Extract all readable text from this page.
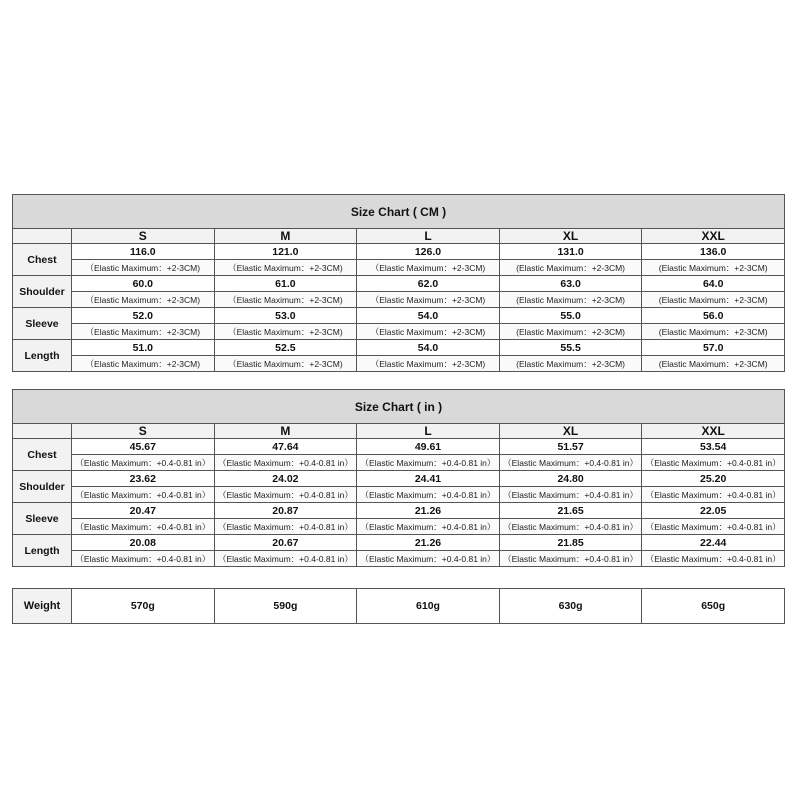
Size Chart ( CM )					
	S	M	L	XL	XXL
Chest	116.0	121.0	126.0	131.0	136.0
	（Elastic Maximum：+2-3CM)	（Elastic Maximum：+2-3CM)	（Elastic Maximum：+2-3CM)	(Elastic Maximum：+2-3CM)	(Elastic Maximum：+2-3CM)
Shoulder	60.0	61.0	62.0	63.0	64.0
	（Elastic Maximum：+2-3CM)	（Elastic Maximum：+2-3CM)	（Elastic Maximum：+2-3CM)	(Elastic Maximum：+2-3CM)	(Elastic Maximum：+2-3CM)
Sleeve	52.0	53.0	54.0	55.0	56.0
	（Elastic Maximum：+2-3CM)	（Elastic Maximum：+2-3CM)	（Elastic Maximum：+2-3CM)	(Elastic Maximum：+2-3CM)	(Elastic Maximum：+2-3CM)
Length	51.0	52.5	54.0	55.5	57.0
	（Elastic Maximum：+2-3CM)	（Elastic Maximum：+2-3CM)	（Elastic Maximum：+2-3CM)	(Elastic Maximum：+2-3CM)	(Elastic Maximum：+2-3CM)
Size Chart ( in )					
	S	M	L	XL	XXL
Chest	45.67	47.64	49.61	51.57	53.54
	（Elastic Maximum：+0.4-0.81 in）	（Elastic Maximum：+0.4-0.81 in）	（Elastic Maximum：+0.4-0.81 in）	（Elastic Maximum：+0.4-0.81 in）	（Elastic Maximum：+0.4-0.81 in）
Shoulder	23.62	24.02	24.41	24.80	25.20
	（Elastic Maximum：+0.4-0.81 in）	（Elastic Maximum：+0.4-0.81 in）	（Elastic Maximum：+0.4-0.81 in）	（Elastic Maximum：+0.4-0.81 in）	（Elastic Maximum：+0.4-0.81 in）
Sleeve	20.47	20.87	21.26	21.65	22.05
	（Elastic Maximum：+0.4-0.81 in）	（Elastic Maximum：+0.4-0.81 in）	（Elastic Maximum：+0.4-0.81 in）	（Elastic Maximum：+0.4-0.81 in）	（Elastic Maximum：+0.4-0.81 in）
Length	20.08	20.67	21.26	21.85	22.44
	（Elastic Maximum：+0.4-0.81 in）	（Elastic Maximum：+0.4-0.81 in）	（Elastic Maximum：+0.4-0.81 in）	（Elastic Maximum：+0.4-0.81 in）	（Elastic Maximum：+0.4-0.81 in）
Weight	570g	590g	610g	630g	650g
